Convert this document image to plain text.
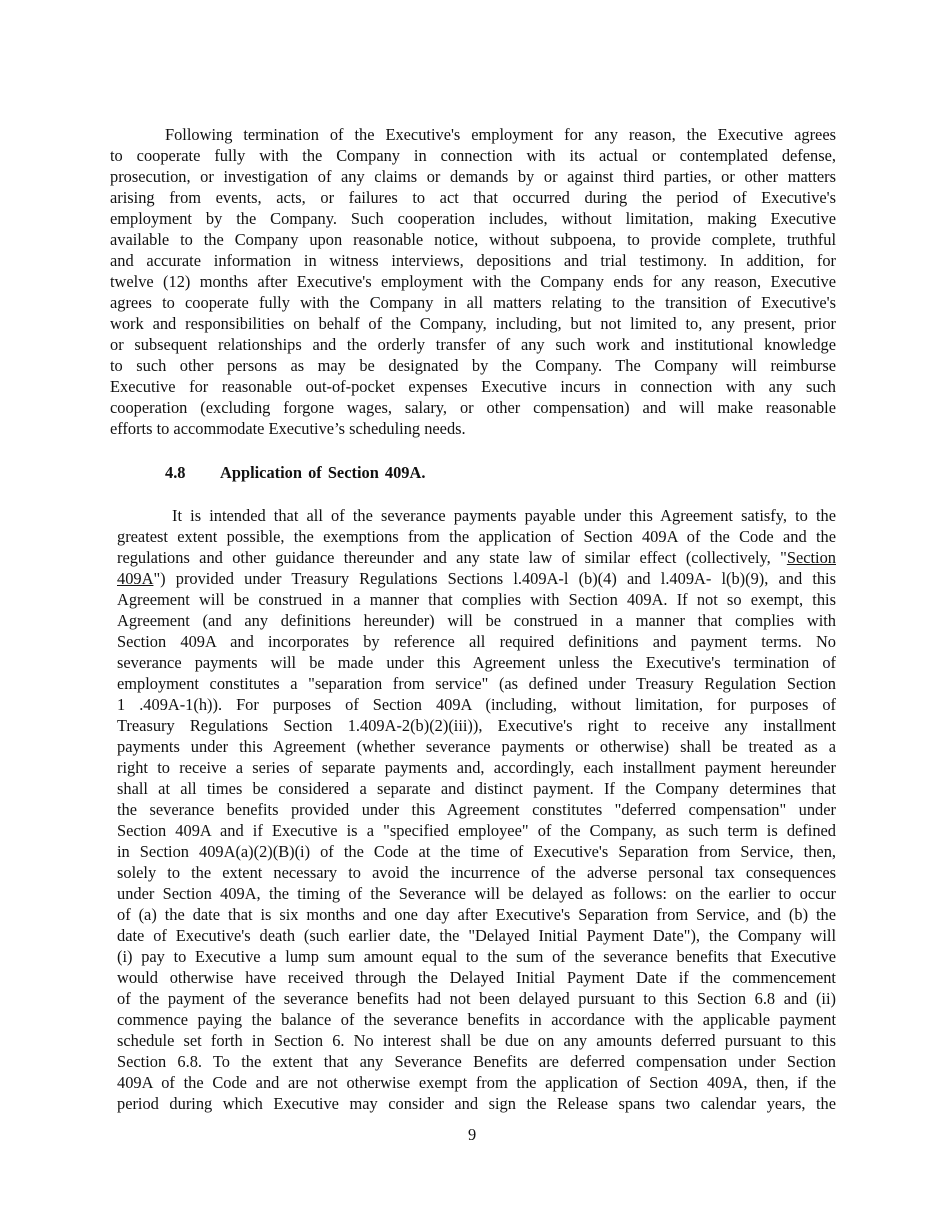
Following termination of the Executive's employment for any reason, the Executive agrees
to cooperate fully with the Company in connection with its actual or contemplated defense,
prosecution, or investigation of any claims or demands by or against third parties, or other matters
arising from events, acts, or failures to act that occurred during the period of Executive's
employment by the Company. Such cooperation includes, without limitation, making Executive
available to the Company upon reasonable notice, without subpoena, to provide complete, truthful
and accurate information in witness interviews, depositions and trial testimony. In addition, for
twelve (12) months after Executive's employment with the Company ends for any reason, Executive
agrees to cooperate fully with the Company in all matters relating to the transition of Executive's
work and responsibilities on behalf of the Company, including, but not limited to, any present, prior
or subsequent relationships and the orderly transfer of any such work and institutional knowledge
to such other persons as may be designated by the Company. The Company will reimburse
Executive for reasonable out-of-pocket expenses Executive incurs in connection with any such
cooperation (excluding forgone wages, salary, or other compensation) and will make reasonable
efforts to accommodate Executive’s scheduling needs.
4.8 Application of Section 409A.
It is intended that all of the severance payments payable under this Agreement satisfy, to the
greatest extent possible, the exemptions from the application of Section 409A of the Code and the
regulations and other guidance thereunder and any state law of similar effect (collectively, "Section
409A") provided under Treasury Regulations Sections l.409A-l (b)(4) and l.409A- l(b)(9), and this
Agreement will be construed in a manner that complies with Section 409A. If not so exempt, this
Agreement (and any definitions hereunder) will be construed in a manner that complies with
Section 409A and incorporates by reference all required definitions and payment terms. No
severance payments will be made under this Agreement unless the Executive's termination of
employment constitutes a "separation from service" (as defined under Treasury Regulation Section
1 .409A-1(h)). For purposes of Section 409A (including, without limitation, for purposes of
Treasury Regulations Section 1.409A-2(b)(2)(iii)), Executive's right to receive any installment
payments under this Agreement (whether severance payments or otherwise) shall be treated as a
right to receive a series of separate payments and, accordingly, each installment payment hereunder
shall at all times be considered a separate and distinct payment. If the Company determines that
the severance benefits provided under this Agreement constitutes "deferred compensation" under
Section 409A and if Executive is a "specified employee" of the Company, as such term is defined
in Section 409A(a)(2)(B)(i) of the Code at the time of Executive's Separation from Service, then,
solely to the extent necessary to avoid the incurrence of the adverse personal tax consequences
under Section 409A, the timing of the Severance will be delayed as follows: on the earlier to occur
of (a) the date that is six months and one day after Executive's Separation from Service, and (b) the
date of Executive's death (such earlier date, the "Delayed Initial Payment Date"), the Company will
(i) pay to Executive a lump sum amount equal to the sum of the severance benefits that Executive
would otherwise have received through the Delayed Initial Payment Date if the commencement
of the payment of the severance benefits had not been delayed pursuant to this Section 6.8 and (ii)
commence paying the balance of the severance benefits in accordance with the applicable payment
schedule set forth in Section 6. No interest shall be due on any amounts deferred pursuant to this
Section 6.8. To the extent that any Severance Benefits are deferred compensation under Section
409A of the Code and are not otherwise exempt from the application of Section 409A, then, if the
period during which Executive may consider and sign the Release spans two calendar years, the
9
